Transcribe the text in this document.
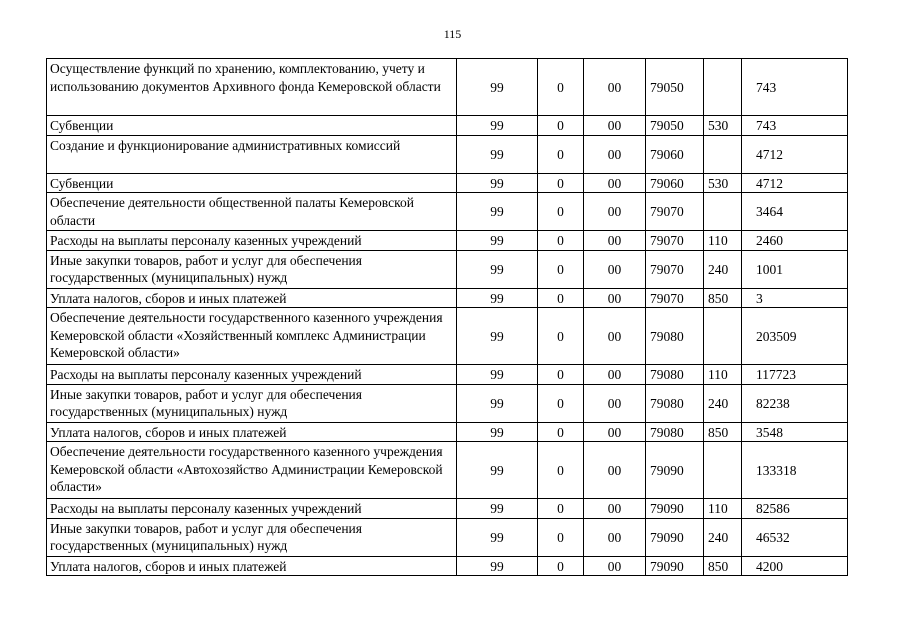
115
Осуществление функций по хранению, комплектованию, учету и использованию документов Архивного фонда Кемеровской области	99	0	00	79050		743
Субвенции	99	0	00	79050	530	743
Создание и функционирование административных комиссий	99	0	00	79060		4712
Субвенции	99	0	00	79060	530	4712
Обеспечение деятельности общественной палаты Кемеровской области	99	0	00	79070		3464
Расходы на выплаты персоналу казенных учреждений	99	0	00	79070	110	2460
Иные закупки товаров, работ и услуг для обеспечения государственных (муниципальных) нужд	99	0	00	79070	240	1001
Уплата налогов, сборов и иных платежей	99	0	00	79070	850	3
Обеспечение деятельности государственного казенного учреждения Кемеровской области «Хозяйственный комплекс Администрации Кемеровской области»	99	0	00	79080		203509
Расходы на выплаты персоналу казенных учреждений	99	0	00	79080	110	117723
Иные закупки товаров, работ и услуг для обеспечения государственных (муниципальных) нужд	99	0	00	79080	240	82238
Уплата налогов, сборов и иных платежей	99	0	00	79080	850	3548
Обеспечение деятельности государственного казенного учреждения Кемеровской области «Автохозяйство Администрации Кемеровской области»	99	0	00	79090		133318
Расходы на выплаты персоналу казенных учреждений	99	0	00	79090	110	82586
Иные закупки товаров, работ и услуг для обеспечения государственных (муниципальных) нужд	99	0	00	79090	240	46532
Уплата налогов, сборов и иных платежей	99	0	00	79090	850	4200
